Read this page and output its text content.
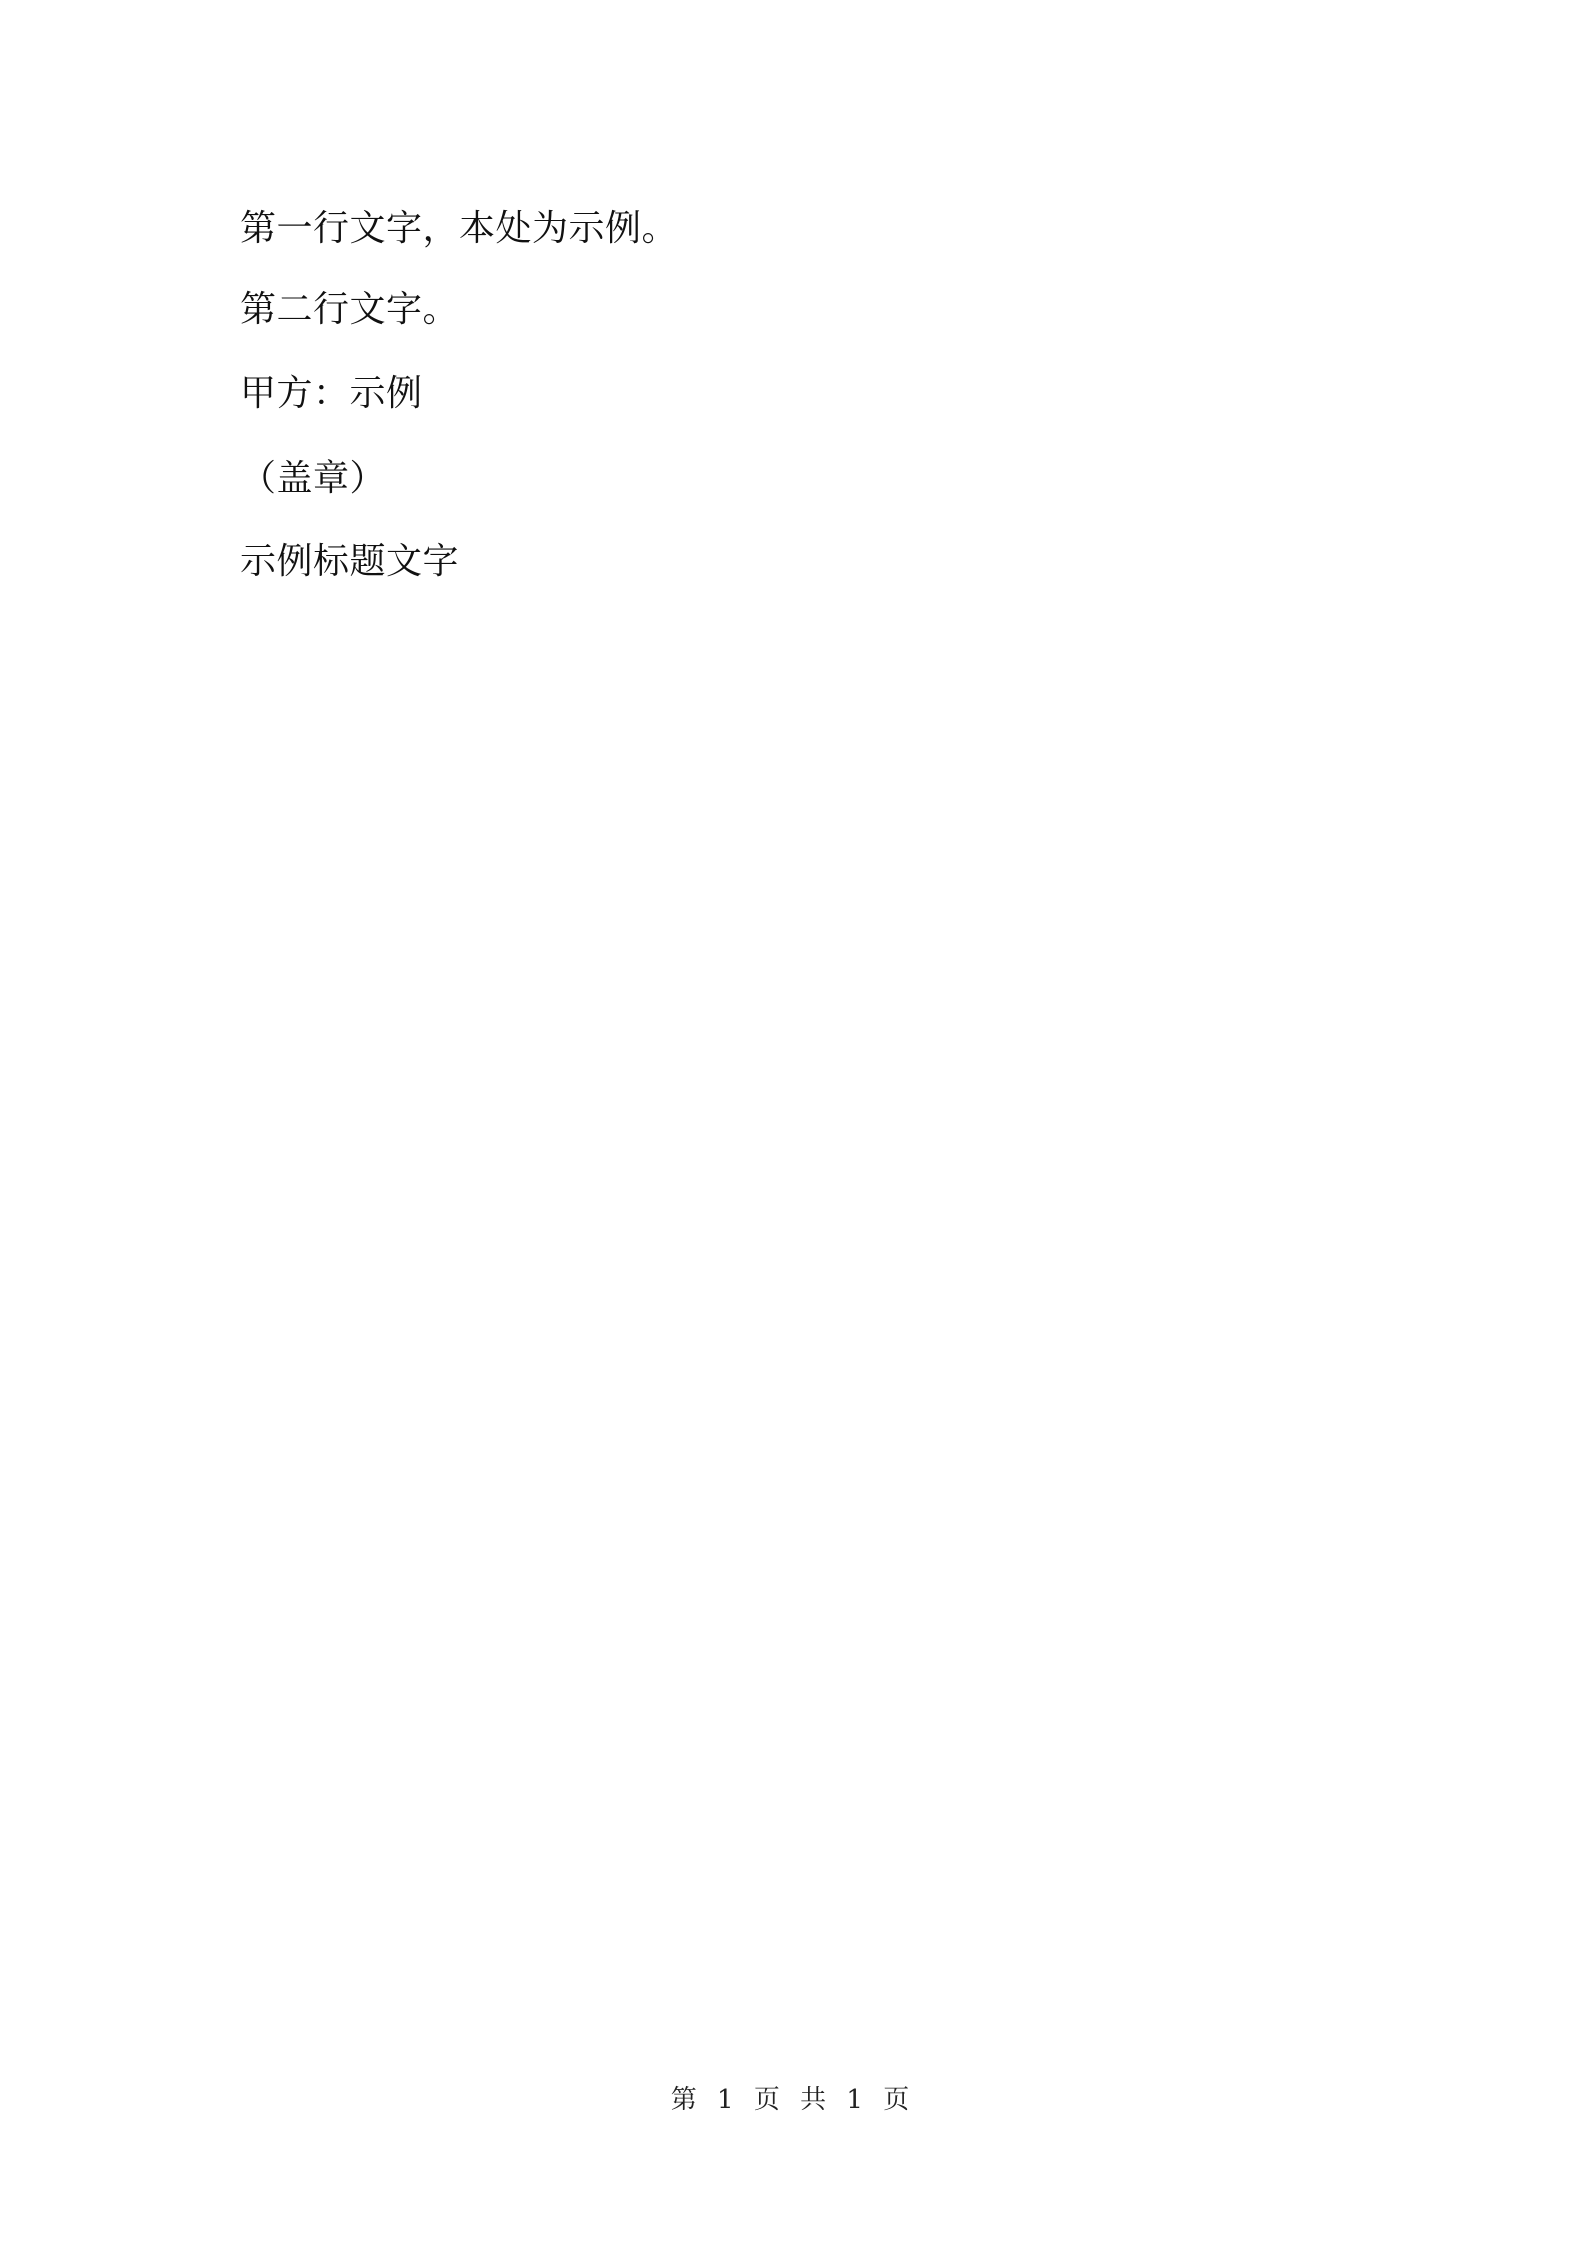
第一行文字，本处为示例。
第二行文字。
甲方：示例
（盖章）
示例标题文字
第 1 页 共 1 页
